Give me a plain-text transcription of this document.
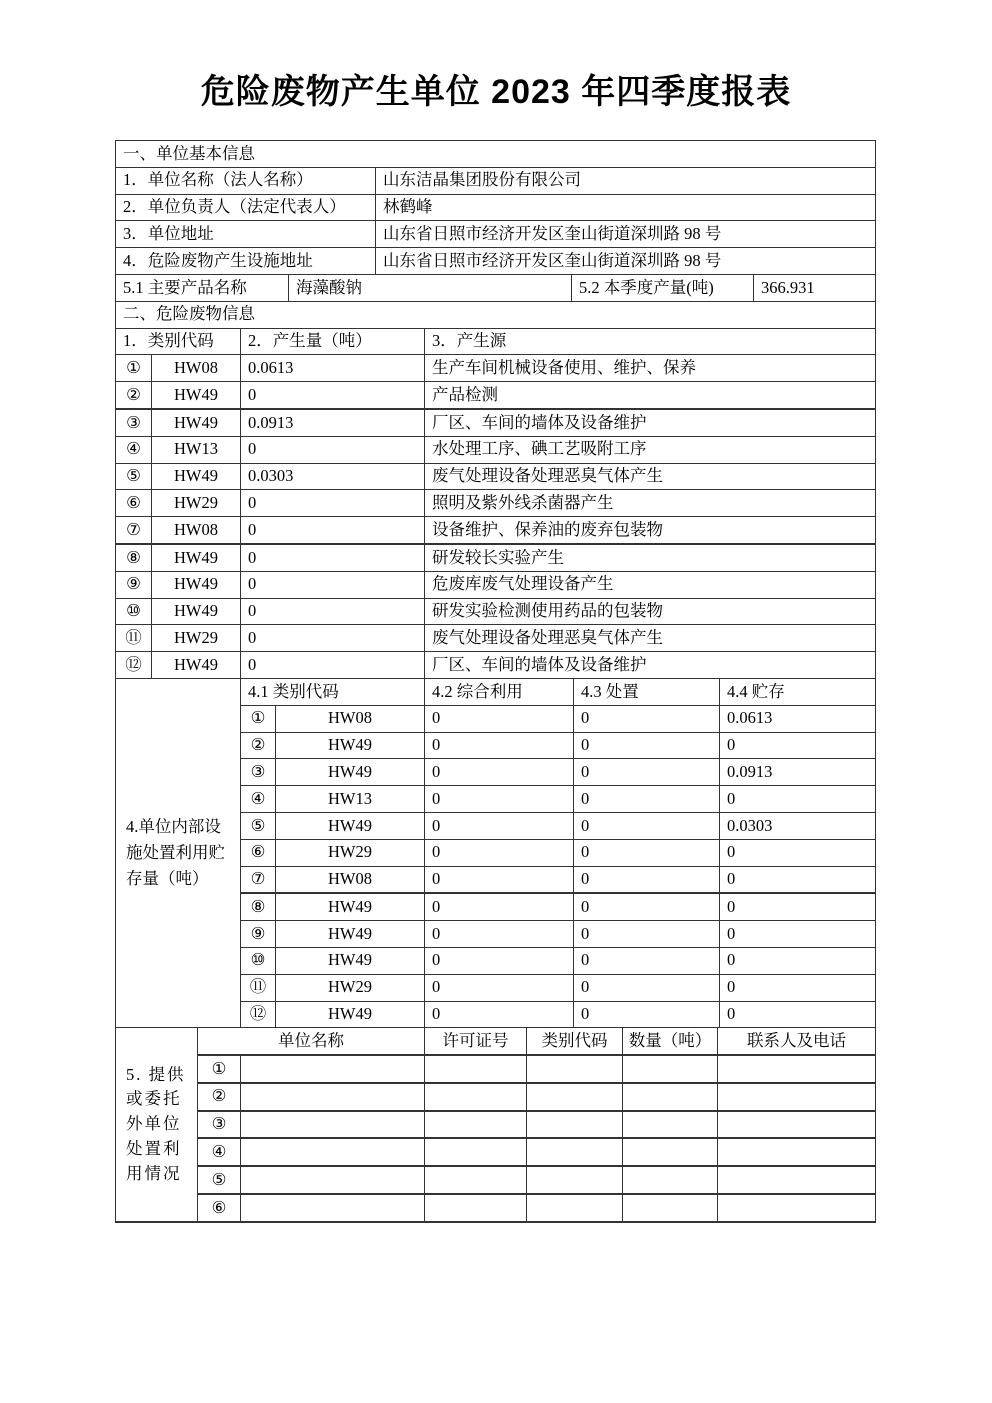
危险废物产生单位 2023 年四季度报表
一、单位基本信息				
1．单位名称（法人名称）		山东洁晶集团股份有限公司		
2．单位负责人（法定代表人）		林鹤峰		
3．单位地址		山东省日照市经济开发区奎山街道深圳路 98 号		
4．危险废物产生设施地址		山东省日照市经济开发区奎山街道深圳路 98 号		
5.1 主要产品名称	海藻酸钠		5.2 本季度产量(吨)	366.931
二、危险废物信息			
1．类别代码		2．产生量（吨）	3．产生源
①	HW08	0.0613	生产车间机械设备使用、维护、保养
②	HW49	0	产品检测
③	HW49	0.0913	厂区、车间的墙体及设备维护
④	HW13	0	水处理工序、碘工艺吸附工序
⑤	HW49	0.0303	废气处理设备处理恶臭气体产生
⑥	HW29	0	照明及紫外线杀菌器产生
⑦	HW08	0	设备维护、保养油的废弃包装物
⑧	HW49	0	研发较长实验产生
⑨	HW49	0	危废库废气处理设备产生
⑩	HW49	0	研发实验检测使用药品的包装物
⑪	HW29	0	废气处理设备处理恶臭气体产生
⑫	HW49	0	厂区、车间的墙体及设备维护
4.单位内部设施处置利用贮存量（吨）	4.1 类别代码		4.2 综合利用	4.3 处置	4.4 贮存
	①	HW08	0	0	0.0613
	②	HW49	0	0	0
	③	HW49	0	0	0.0913
	④	HW13	0	0	0
	⑤	HW49	0	0	0.0303
	⑥	HW29	0	0	0
	⑦	HW08	0	0	0
	⑧	HW49	0	0	0
	⑨	HW49	0	0	0
	⑩	HW49	0	0	0
	⑪	HW29	0	0	0
	⑫	HW49	0	0	0
5. 提供或委托外单位处置利用情况	单位名称		许可证号	类别代码	数量（吨）	联系人及电话
	①					
	②					
	③					
	④					
	⑤					
	⑥					
